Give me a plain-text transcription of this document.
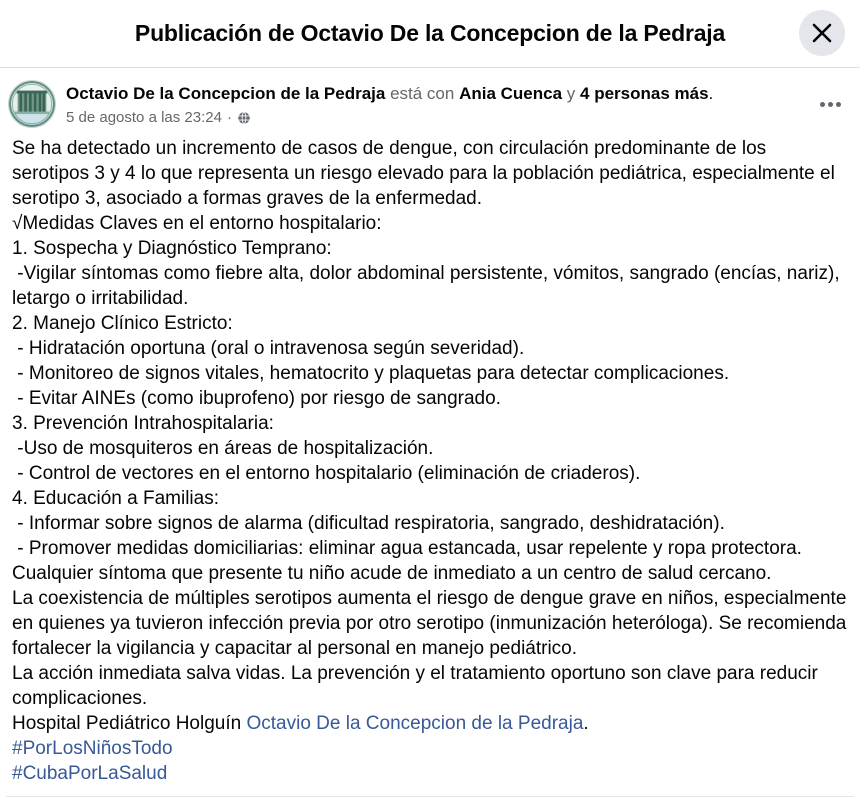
Publicación de Octavio De la Concepcion de la Pedraja
Octavio De la Concepcion de la Pedraja está con Ania Cuenca y 4 personas más.
5 de agosto a las 23:24 ·

Se ha detectado un incremento de casos de dengue, con circulación predominante de los serotipos 3 y 4 lo que representa un riesgo elevado para la población pediátrica, especialmente el serotipo 3, asociado a formas graves de la enfermedad.

√Medidas Claves en el entorno hospitalario:

1. Sospecha y Diagnóstico Temprano:

-Vigilar síntomas como fiebre alta, dolor abdominal persistente, vómitos, sangrado (encías, nariz), letargo o irritabilidad.

2. Manejo Clínico Estricto:

- Hidratación oportuna (oral o intravenosa según severidad).

- Monitoreo de signos vitales, hematocrito y plaquetas para detectar complicaciones.

- Evitar AINEs (como ibuprofeno) por riesgo de sangrado.

3. Prevención Intrahospitalaria:

-Uso de mosquiteros en áreas de hospitalización.

- Control de vectores en el entorno hospitalario (eliminación de criaderos).

4. Educación a Familias:

- Informar sobre signos de alarma (dificultad respiratoria, sangrado, deshidratación).

- Promover medidas domiciliarias: eliminar agua estancada, usar repelente y ropa protectora.

Cualquier síntoma que presente tu niño acude de inmediato a un centro de salud cercano.

La coexistencia de múltiples serotipos aumenta el riesgo de dengue grave en niños, especialmente en quienes ya tuvieron infección previa por otro serotipo (inmunización heteróloga). Se recomienda fortalecer la vigilancia y capacitar al personal en manejo pediátrico.

La acción inmediata salva vidas. La prevención y el tratamiento oportuno son clave para reducir complicaciones.

Hospital Pediátrico Holguín Octavio De la Concepcion de la Pedraja.

#PorLosNiñosTodo

#CubaPorLaSalud
